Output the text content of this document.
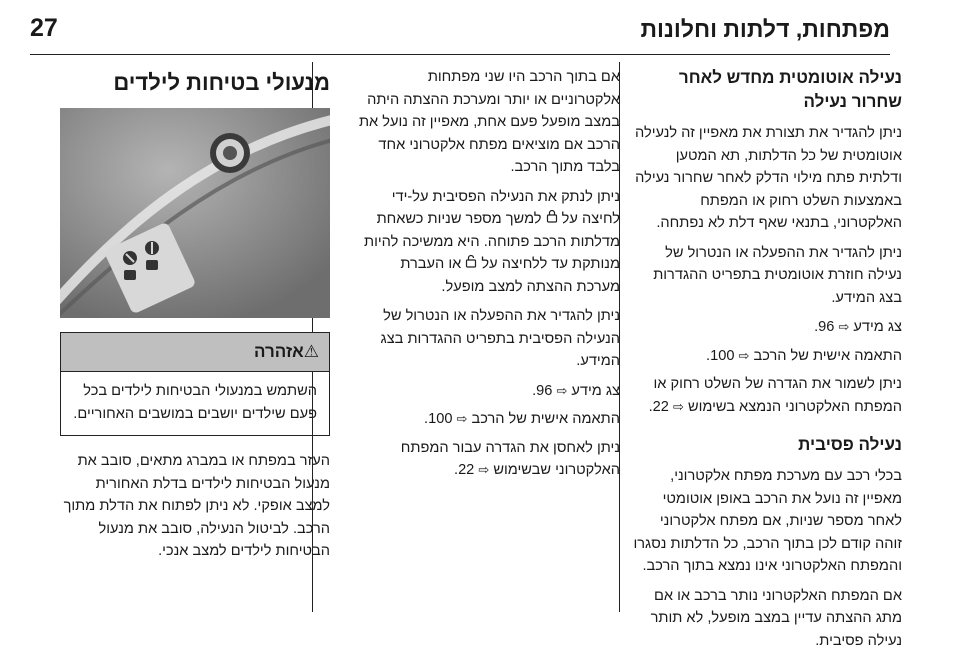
27	מפתחות, דלתות וחלונות
נעילה אוטומטית מחדש לאחר שחרור נעילה

ניתן להגדיר את תצורת את מאפיין זה לנעילה אוטומטית של כל הדלתות, תא המטען ודלתית פתח מילוי הדלק לאחר שחרור נעילה באמצעות השלט רחוק או המפתח האלקטרוני, בתנאי שאף דלת לא נפתחה.

ניתן להגדיר את ההפעלה או הנטרול של נעילה חוזרת אוטומטית בתפריט ההגדרות בצג המידע.

צג מידע ⇨ 96.

התאמה אישית של הרכב ⇨ 100.

ניתן לשמור את הגדרה של השלט רחוק או המפתח האלקטרוני הנמצא בשימוש ⇨ 22.

נעילה פסיבית

בכלי רכב עם מערכת מפתח אלקטרוני, מאפיין זה נועל את הרכב באופן אוטומטי לאחר מספר שניות, אם מפתח אלקטרוני זוהה קודם לכן בתוך הרכב, כל הדלתות נסגרו והמפתח האלקטרוני אינו נמצא בתוך הרכב.

אם המפתח האלקטרוני נותר ברכב או אם מתג ההצתה עדיין במצב מופעל, לא תותר נעילה פסיבית.

אם בתוך הרכב היו שני מפתחות אלקטרוניים או יותר ומערכת ההצתה היתה במצב מופעל פעם אחת, מאפיין זה נועל את הרכב אם מוציאים מפתח אלקטרוני אחד בלבד מתוך הרכב.

ניתן לנתק את הנעילה הפסיבית על-ידי לחיצה על  למשך מספר שניות כשאחת מדלתות הרכב פתוחה. היא ממשיכה להיות מנותקת עד ללחיצה על  או העברת מערכת ההצתה למצב מופעל.

ניתן להגדיר את ההפעלה או הנטרול של הנעילה הפסיבית בתפריט ההגדרות בצג המידע.

צג מידע ⇨ 96.

התאמה אישית של הרכב ⇨ 100.

ניתן לאחסן את הגדרה עבור המפתח האלקטרוני שבשימוש ⇨ 22.

מנעולי בטיחות לילדים
⚠אזהרה
השתמש במנעולי הבטיחות לילדים בכל פעם שילדים יושבים במושבים האחוריים.

העזר במפתח או במברג מתאים, סובב את מנעול הבטיחות לילדים בדלת האחורית למצב אופקי. לא ניתן לפתוח את הדלת מתוך הרכב. לביטול הנעילה, סובב את מנעול הבטיחות לילדים למצב אנכי.
